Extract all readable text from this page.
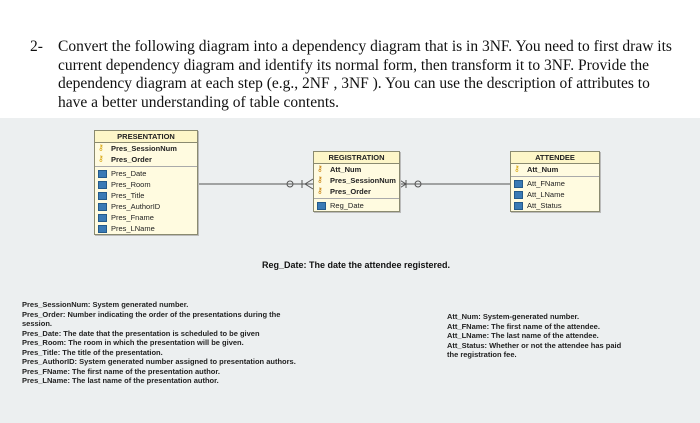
2- Convert the following diagram into a dependency diagram that is in 3NF. You need to first draw its current dependency diagram and identify its normal form, then transform it to 3NF. Provide the dependency diagram at each step (e.g., 2NF , 3NF ). You can use the description of attributes to have a better understanding of table contents.
PRESENTATION
⚷ Pres_SessionNum
⚷ Pres_Order
Pres_Date
Pres_Room
Pres_Title
Pres_AuthorID
Pres_Fname
Pres_LName
REGISTRATION
⚷ Att_Num
⚷ Pres_SessionNum
⚷ Pres_Order
Reg_Date
ATTENDEE
⚷ Att_Num
Att_FName
Att_LName
Att_Status
Reg_Date: The date the attendee registered.
Pres_SessionNum: System generated number.
Pres_Order: Number indicating the order of the presentations during the
session.
Pres_Date: The date that the presentation is scheduled to be given
Pres_Room: The room in which the presentation will be given.
Pres_Title: The title of the presentation.
Pres_AuthorID: System generated number assigned to presentation authors.
Pres_FName: The first name of the presentation author.
Pres_LName: The last name of the presentation author.
Att_Num: System-generated number.
Att_FName: The first name of the attendee.
Att_LName: The last name of the attendee.
Att_Status: Whether or not the attendee has paid
the registration fee.
